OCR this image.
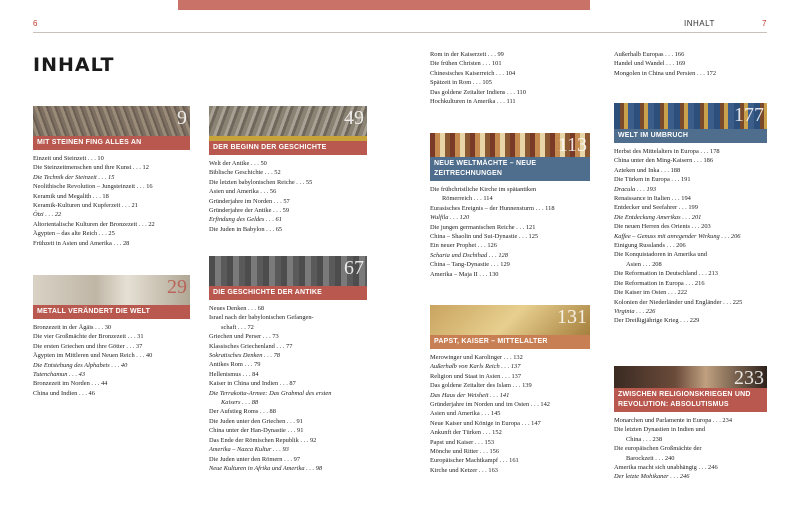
6
INHALT
9
MIT STEINEN FING ALLES AN
Einzeit und Steinzeit . . . 10
Die Steinzeitmenschen und ihre Kunst . . . 12
Die Technik der Steinzeit . . . 15
Neolithische Revolution – Jungsteinzeit . . . 16
Keramik und Megalith . . . 18
Keramik-Kulturen und Kupferzeit . . . 21
Ötzi . . . 22
Altorientalische Kulturen der Bronzezeit . . . 22
Ägypten – das alte Reich . . . 25
Frühzeit in Asien und Amerika . . . 28
29
METALL VERÄNDERT DIE WELT
Bronzezeit in der Ägäis . . . 30
Die vier Großmächte der Bronzezeit . . . 31
Die ersten Griechen und ihre Götter . . . 37
Ägypten im Mittleren und Neuen Reich . . . 40
Die Entstehung des Alphabets . . . 40
Tutenchamun . . . 43
Bronzezeit im Norden . . . 44
China und Indien . . . 46
49
DER BEGINN DER GESCHICHTE
Welt der Antike . . . 50
Biblische Geschichte . . . 52
Die letzten babylonischen Reiche . . . 55
Asien und Amerika . . . 56
Gründerjahre im Norden . . . 57
Gründerjahre der Antike . . . 59
Erfindung des Geldes . . . 61
Die Juden in Babylon . . . 65
67
DIE GESCHICHTE DER ANTIKE
Neues Denken . . . 68
Israel nach der babylonischen Gefangen-
schaft . . . 72
Griechen und Perser . . . 73
Klassisches Griechenland . . . 77
Sokratisches Denken . . . 78
Antikes Rom . . . 79
Hellenismus . . . 84
Kaiser in China und Indien . . . 87
Die Terrakotta-Armee: Das Grabmal des ersten
Kaisers . . . 88
Der Aufstieg Roms . . . 88
Die Juden unter den Griechen . . . 91
China unter der Han-Dynastie . . . 91
Das Ende der Römischen Republik . . . 92
Amerika – Nazca Kultur . . . 93
Die Juden unter den Römern . . . 97
Neue Kulturen in Afrika und Amerika . . . 98
INHALT	7
Rom in der Kaiserzeit . . . 99
Die frühen Christen . . . 101
Chinesisches Kaiserreich . . . 104
Spätzeit in Rom . . . 105
Das goldene Zeitalter Indiens . . . 110
Hochkulturen in Amerika . . . 111
113
NEUE WELTMÄCHTE – NEUE ZEITRECHNUNGEN
Die frühchristliche Kirche im spätantiken
Römerreich . . . 114
Eurasisches Ereignis – der Hunnensturm . . . 118
Wulfila . . . 120
Die jungen germanischen Reiche . . . 121
China – Shaolin und Sui-Dynastie . . . 125
Ein neuer Prophet . . . 126
Scharia und Dschihad . . . 128
China – Tang-Dynastie . . . 129
Amerika – Maja II . . . 130
131
PAPST, KAISER – MITTELALTER
Merowinger und Karolinger . . . 132
Außerhalb von Karls Reich . . . 137
Religion und Staat in Asien . . . 137
Das goldene Zeitalter des Islam . . . 139
Das Haus der Weisheit . . . 141
Gründerjahre im Norden und im Osten . . . 142
Asien und Amerika . . . 145
Neue Kaiser und Könige in Europa . . . 147
Ankunft der Türken . . . 152
Papst und Kaiser . . . 153
Mönche und Ritter . . . 156
Europäischer Machtkampf . . . 161
Kirche und Ketzer . . . 163
Außerhalb Europas . . . 166
Handel und Wandel . . . 169
Mongolen in China und Persien . . . 172
177
WELT IM UMBRUCH
Herbst des Mittelalters in Europa . . . 178
China unter den Ming-Kaisern . . . 186
Azteken und Inka . . . 188
Die Türken in Europa . . . 191
Dracula . . . 193
Renaissance in Italien . . . 194
Entdecker und Seefahrer . . . 199
Die Entdeckung Amerikas . . . 201
Die neuen Herren des Orients . . . 203
Kaffee – Genuss mit anregender Wirkung . . . 206
Einigung Russlands . . . 206
Die Konquistadoren in Amerika und
Asien . . . 208
Die Reformation in Deutschland . . . 213
Die Reformation in Europa . . . 216
Die Kaiser im Osten . . . 222
Kolonien der Niederländer und Engländer . . . 225
Virginia . . . 226
Der Dreißigjährige Krieg . . . 229
233
ZWISCHEN RELIGIONSKRIEGEN UND REVOLUTION: ABSOLUTISMUS
Monarchen und Parlamente in Europa . . . 234
Die letzten Dynastien in Indien und
China . . . 238
Die europäischen Großmächte der
Barockzeit . . . 240
Amerika macht sich unabhängig . . . 246
Der letzte Mohikaner . . . 246
